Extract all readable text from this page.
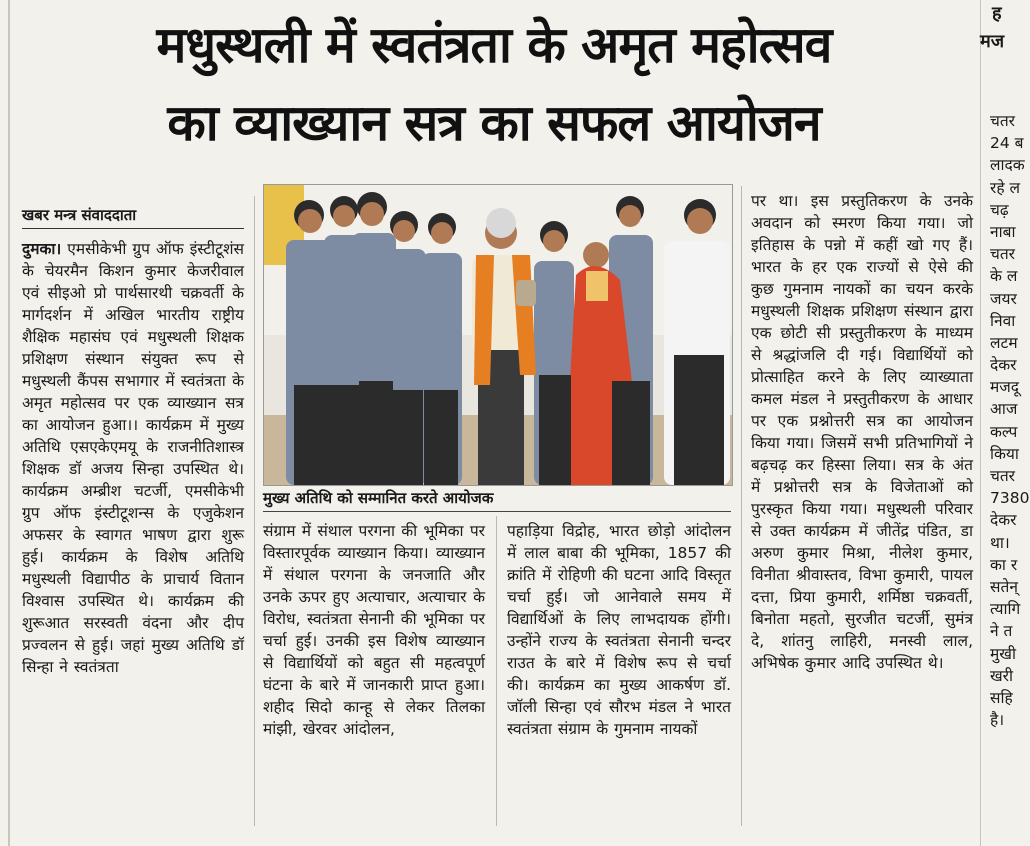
मधुस्थली में स्वतंत्रता के अमृत महोत्सव
का व्याख्यान सत्र का सफल आयोजन
खबर मन्त्र संवाददाता

दुमका। एमसीकेभी ग्रुप ऑफ इंस्टीटूशंस के चेयरमैन किशन कुमार केजरीवाल एवं सीइओ प्रो पार्थसारथी चक्रवर्ती के मार्गदर्शन में अखिल भारतीय राष्ट्रीय शैक्षिक महासंघ एवं मधुस्थली शिक्षक प्रशिक्षण संस्थान संयुक्त रूप से मधुस्थली कैंपस सभागार में स्वतंत्रता के अमृत महोत्सव पर एक व्याख्यान सत्र का आयोजन हुआ।। कार्यक्रम में मुख्य अतिथि एसएकेएमयू के राजनीतिशास्त्र शिक्षक डॉ अजय सिन्हा उपस्थित थे। कार्यक्रम अम्ब्रीश चटर्जी, एमसीकेभी ग्रुप ऑफ इंस्टीटूशन्स के एजुकेशन अफसर के स्वागत भाषण द्वारा शुरू हुई। कार्यक्रम के विशेष अतिथि मधुस्थली विद्यापीठ के प्राचार्य वितान विश्वास उपस्थित थे। कार्यक्रम की शुरूआत सरस्वती वंदना और दीप प्रज्वलन से हुई। जहां मुख्य अतिथि डॉ सिन्हा ने स्वतंत्रता

मुख्य अतिथि को सम्मानित करते आयोजक

संग्राम में संथाल परगना की भूमिका पर विस्तारपूर्वक व्याख्यान किया। व्याख्यान में संथाल परगना के जनजाति और उनके ऊपर हुए अत्याचार, अत्याचार के विरोध, स्वतंत्रता सेनानी की भूमिका पर चर्चा हुई। उनकी इस विशेष व्याख्यान से विद्यार्थियों को बहुत सी महत्वपूर्ण घंटना के बारे में जानकारी प्राप्त हुआ। शहीद सिदो कान्हू से लेकर तिलका मांझी, खेरवर आंदोलन,

पहाड़िया विद्रोह, भारत छोड़ो आंदोलन में लाल बाबा की भूमिका, 1857 की क्रांति में रोहिणी की घटना आदि विस्तृत चर्चा हुई। जो आनेवाले समय में विद्यार्थिओं के लिए लाभदायक होंगी। उन्होंने राज्य के स्वतंत्रता सेनानी चन्दर राउत के बारे में विशेष रूप से चर्चा की। कार्यक्रम का मुख्य आकर्षण डॉ. जॉली सिन्हा एवं सौरभ मंडल ने भारत स्वतंत्रता संग्राम के गुमनाम नायकों

पर था। इस प्रस्तुतिकरण के उनके अवदान को स्मरण किया गया। जो इतिहास के पन्नो में कहीं खो गए हैं। भारत के हर एक राज्यों से ऐसे की कुछ गुमनाम नायकों का चयन करके मधुस्थली शिक्षक प्रशिक्षण संस्थान द्वारा एक छोटी सी प्रस्तुतीकरण के माध्यम से श्रद्धांजलि दी गई। विद्यार्थियों को प्रोत्साहित करने के लिए व्याख्याता कमल मंडल ने प्रस्तुतीकरण के आधार पर एक प्रश्नोत्तरी सत्र का आयोजन किया गया। जिसमें सभी प्रतिभागियों ने बढ़चढ़ कर हिस्सा लिया। सत्र के अंत में प्रश्नोत्तरी सत्र के विजेताओं को पुरस्कृत किया गया। मधुस्थली परिवार से उक्त कार्यक्रम में जीतेंद्र पंडित, डा अरुण कुमार मिश्रा, नीलेश कुमार, विनीता श्रीवास्तव, विभा कुमारी, पायल दत्ता, प्रिया कुमारी, शर्मिष्ठा चक्रवर्ती, बिनोता महतो, सुरजीत चटर्जी, सुमंत्र दे, शांतनु लाहिरी, मनस्वी लाल, अभिषेक कुमार आदि उपस्थित थे।

ह
मज
चतर
24 ब
लादक
रहे ल
चढ़
नाबा
चतर
के ल
जयर
निवा
लटम
देकर
मजदू
आज
कल्प
किया
चतर
7380
देकर
था।
का र
सतेन्
त्यागि
ने त
मुखी
खरी
सहि
है।
